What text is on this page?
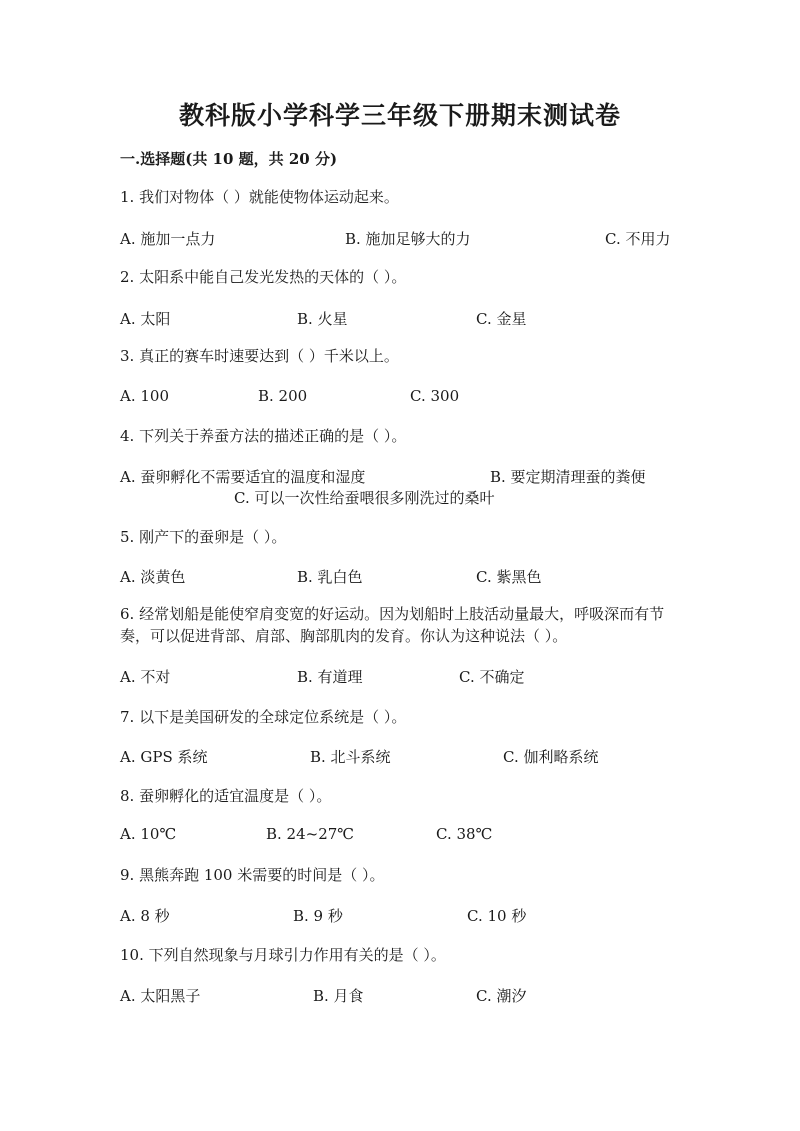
教科版小学科学三年级下册期末测试卷
一.选择题(共 10 题，共 20 分)
1. 我们对物体（ ）就能使物体运动起来。
A. 施加一点力	B. 施加足够大的力	C. 不用力
2. 太阳系中能自己发光发热的天体的（ ）。
A. 太阳	B. 火星	C. 金星
3. 真正的赛车时速要达到（ ）千米以上。
A. 100	B. 200	C. 300
4. 下列关于养蚕方法的描述正确的是（ ）。
A. 蚕卵孵化不需要适宜的温度和湿度	B. 要定期清理蚕的粪便
C. 可以一次性给蚕喂很多刚洗过的桑叶
5. 刚产下的蚕卵是（ ）。
A. 淡黄色	B. 乳白色	C. 紫黑色
6. 经常划船是能使窄肩变宽的好运动。因为划船时上肢活动量最大，呼吸深而有节奏，可以促进背部、肩部、胸部肌肉的发育。你认为这种说法（ ）。
A. 不对	B. 有道理	C. 不确定
7. 以下是美国研发的全球定位系统是（ ）。
A. GPS 系统	B. 北斗系统	C. 伽利略系统
8. 蚕卵孵化的适宜温度是（ ）。
A. 10℃	B. 24~27℃	C. 38℃
9. 黑熊奔跑 100 米需要的时间是（ ）。
A. 8 秒	B. 9 秒	C. 10 秒
10. 下列自然现象与月球引力作用有关的是（ ）。
A. 太阳黑子	B. 月食	C. 潮汐
